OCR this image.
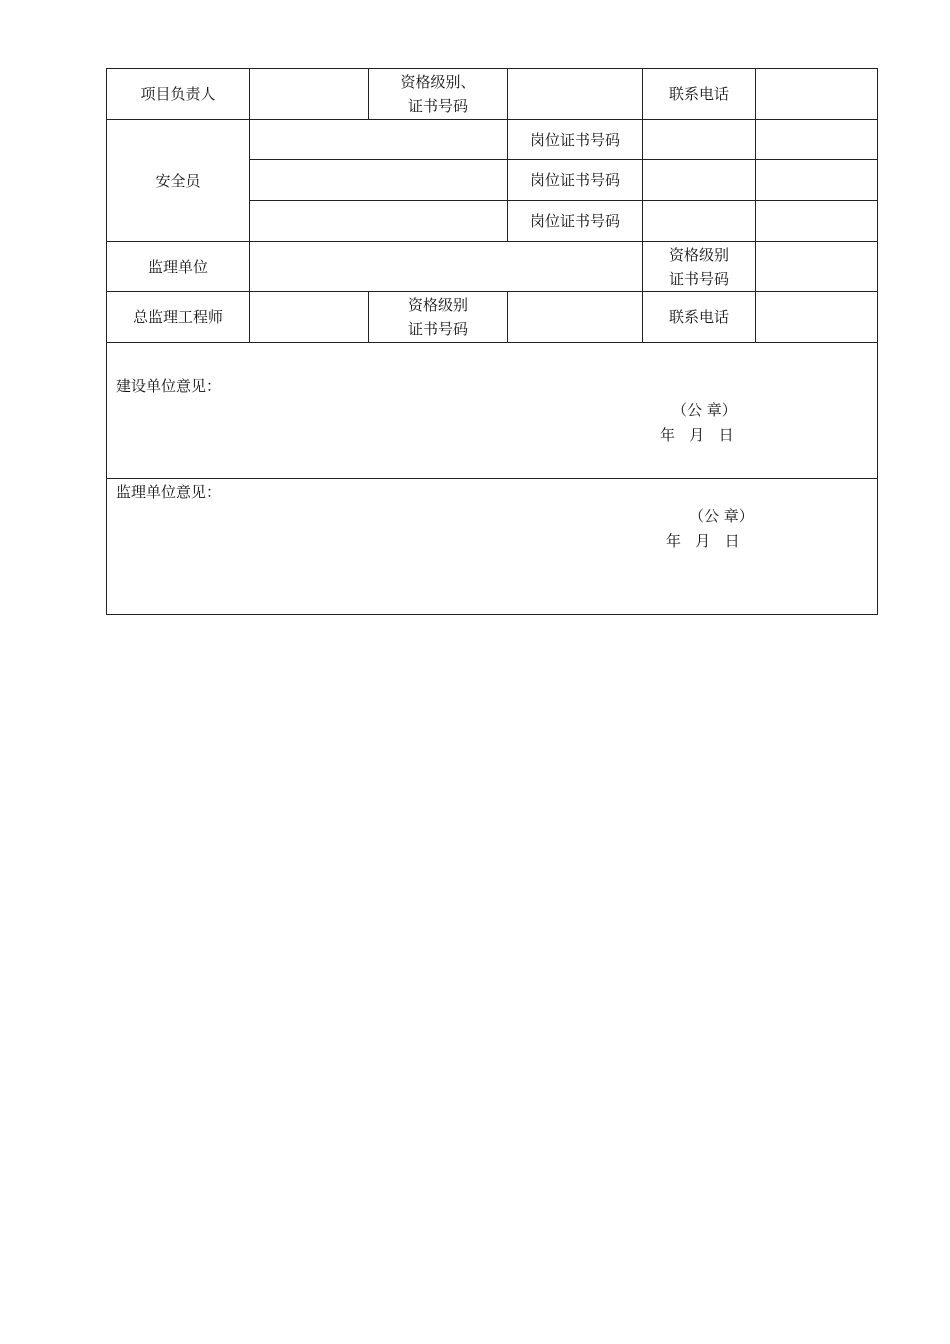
项目负责人
资格级别、
证书号码
联系电话
安全员
岗位证书号码
岗位证书号码
岗位证书号码
监理单位
资格级别
证书号码
总监理工程师
资格级别
证书号码
联系电话
建设单位意见：
（公 章）
年   月   日
监理单位意见：
（公 章）
年   月   日
